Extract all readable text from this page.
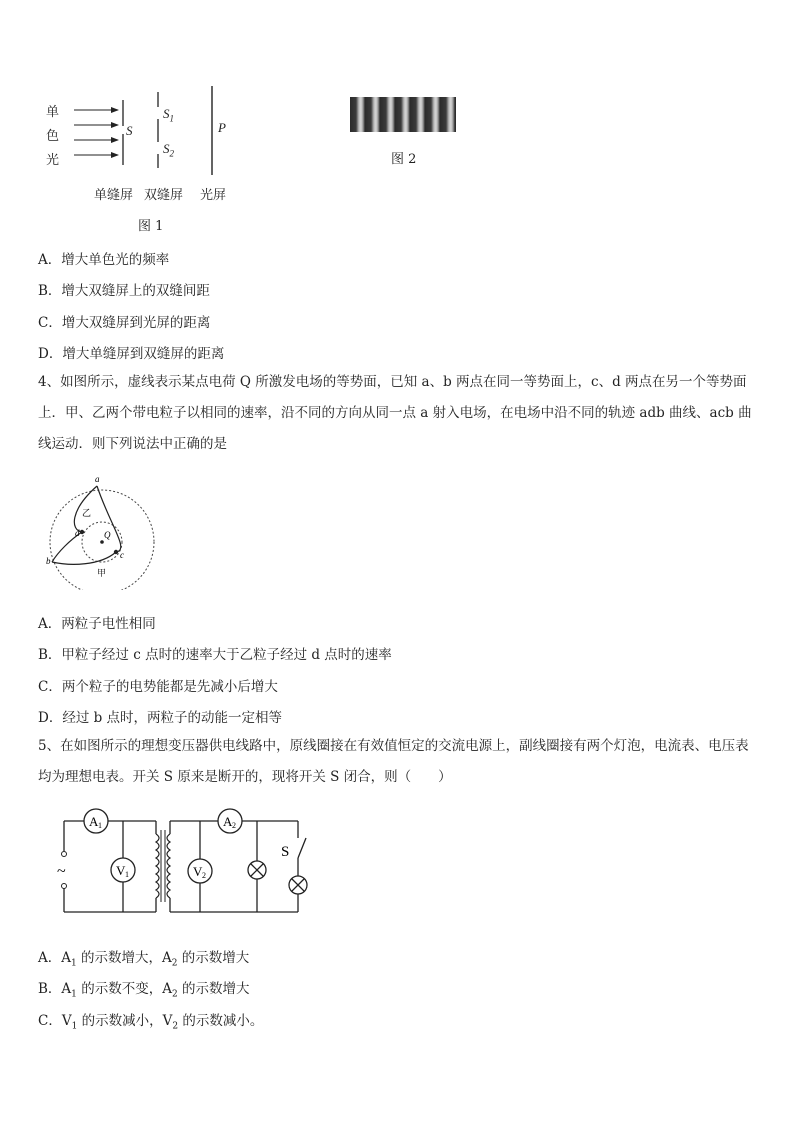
单
色
光
S
$S_1$
$S_2$
P
单缝屏 双缝屏 光屏
图 1
图 2
A．增大单色光的频率
B．增大双缝屏上的双缝间距
C．增大双缝屏到光屏的距离
D．增大单缝屏到双缝屏的距离
4、如图所示，虚线表示某点电荷 Q 所激发电场的等势面，已知 a、b 两点在同一等势面上，c、d 两点在另一个等势面上．甲、乙两个带电粒子以相同的速率，沿不同的方向从同一点 a 射入电场，在电场中沿不同的轨迹 adb 曲线、acb 曲线运动．则下列说法中正确的是
a
b
c
d	Q
乙
甲
A．两粒子电性相同
B．甲粒子经过 c 点时的速率大于乙粒子经过 d 点时的速率
C．两个粒子的电势能都是先减小后增大
D．经过 b 点时，两粒子的动能一定相等
5、在如图所示的理想变压器供电线路中，原线圈接在有效值恒定的交流电源上，副线圈接有两个灯泡，电流表、电压表均为理想电表。开关 S 原来是断开的，现将开关 S 闭合，则（　　）
~
A 1
V 1
A 2
V 2
S
A．$A_1$ 的示数增大，$A_2$ 的示数增大
B．$A_1$ 的示数不变，$A_2$ 的示数增大
C．$V_1$ 的示数减小，$V_2$ 的示数减小。
